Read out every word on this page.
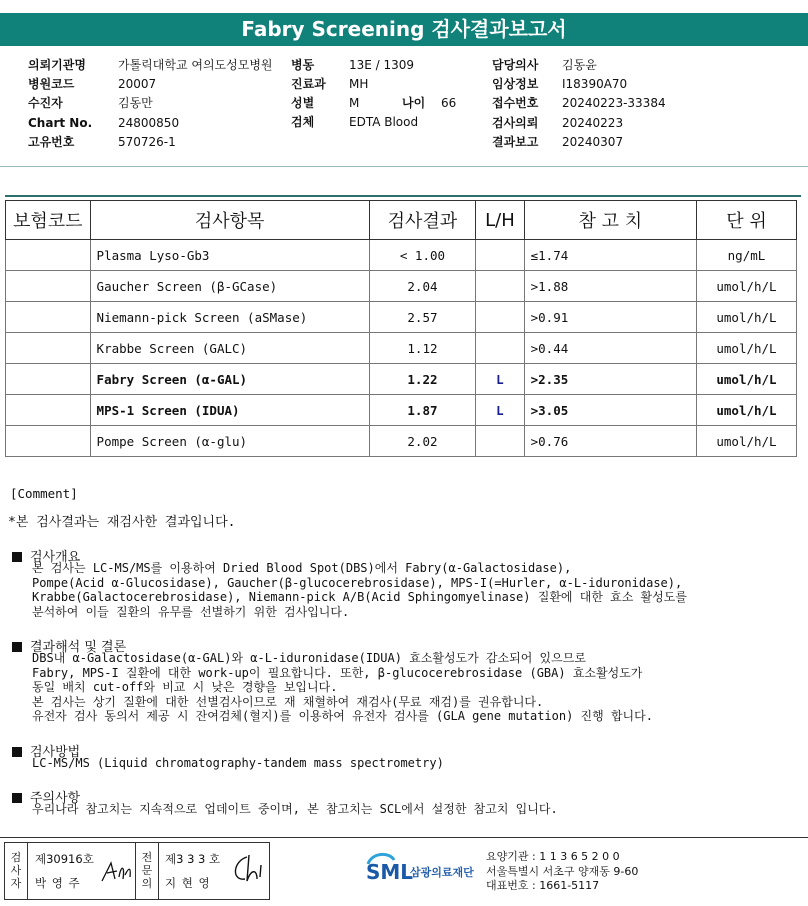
Fabry Screening 검사결과보고서
의뢰기관명	가톨릭대학교 여의도성모병원
병원코드	20007
수진자	김동만
Chart No. 24800850
고유번호	570726-1
병동	13E / 1309
진료과 MH
성별	M
검체	EDTA Blood
담당의사 김동윤
임상정보 I18390A70
접수번호 20240223-33384
검사의뢰 20240223
결과보고 20240307
나이 66
보험코드	검사항목	검사결과	L/H	참 고 치	단 위
	Plasma Lyso-Gb3	< 1.00		≤1.74	ng/mL
	Gaucher Screen (β-GCase)	2.04		>1.88	umol/h/L
	Niemann-pick Screen (aSMase)	2.57		>0.91	umol/h/L
	Krabbe Screen (GALC)	1.12		>0.44	umol/h/L
	Fabry Screen (α-GAL)	1.22	L	>2.35	umol/h/L
	MPS-1 Screen (IDUA)	1.87	L	>3.05	umol/h/L
	Pompe Screen (α-glu)	2.02		>0.76	umol/h/L
[Comment]
*본 검사결과는 재검사한 결과입니다.
검사개요
본 검사는 LC-MS/MS를 이용하여 Dried Blood Spot(DBS)에서 Fabry(α-Galactosidase),
Pompe(Acid α-Glucosidase), Gaucher(β-glucocerebrosidase), MPS-I(=Hurler, α-L-iduronidase),
Krabbe(Galactocerebrosidase), Niemann-pick A/B(Acid Sphingomyelinase) 질환에 대한 효소 활성도를
분석하여 이들 질환의 유무를 선별하기 위한 검사입니다.
결과해석 및 결론
DBS내 α-Galactosidase(α-GAL)와 α-L-iduronidase(IDUA) 효소활성도가 감소되어 있으므로
Fabry, MPS-I 질환에 대한 work-up이 필요합니다. 또한, β-glucocerebrosidase (GBA) 효소활성도가
동일 배치 cut-off와 비교 시 낮은 경향을 보입니다.
본 검사는 상기 질환에 대한 선별검사이므로 재 채혈하여 재검사(무료 재검)를 권유합니다.
유전자 검사 동의서 제공 시 잔여검체(혈지)를 이용하여 유전자 검사를 (GLA gene mutation) 진행 합니다.
검사방법
LC-MS/MS (Liquid chromatography-tandem mass spectrometry)
주의사항
우리나라 참고치는 지속적으로 업데이트 중이며, 본 참고치는 SCL에서 설정한 참고치 입니다.
검
사
자
제30916호
박 영 주
전
문
의
제3 3 3 호
지 현 영	SML
삼광의료재단
요양기관 : 1 1 3 6 5 2 0 0
서울특별시 서초구 양재동 9-60
대표번호 : 1661-5117
